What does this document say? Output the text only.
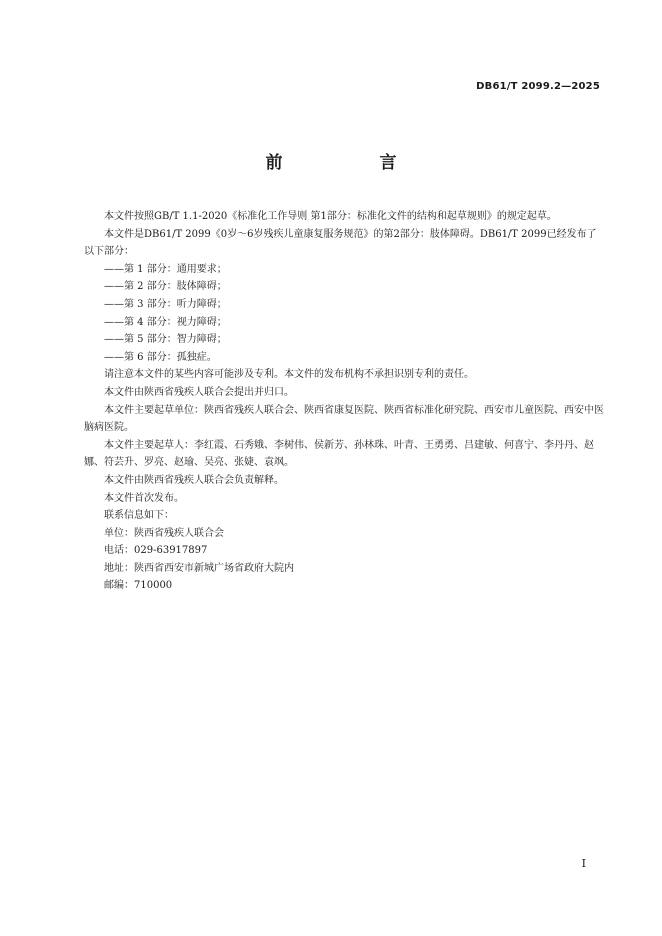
DB61/T 2099.2—2025
前　言

本文件按照GB/T 1.1-2020《标准化工作导则 第1部分：标准化文件的结构和起草规则》的规定起草。

本文件是DB61/T 2099《0岁～6岁残疾儿童康复服务规范》的第2部分：肢体障碍。DB61/T 2099已经发布了以下部分：

——第 1 部分：通用要求；

——第 2 部分：肢体障碍；

——第 3 部分：听力障碍；

——第 4 部分：视力障碍；

——第 5 部分：智力障碍；

——第 6 部分：孤独症。

请注意本文件的某些内容可能涉及专利。本文件的发布机构不承担识别专利的责任。

本文件由陕西省残疾人联合会提出并归口。

本文件主要起草单位：陕西省残疾人联合会、陕西省康复医院、陕西省标准化研究院、西安市儿童医院、西安中医脑病医院。

本文件主要起草人：李红霞、石秀娥、李树伟、侯新芳、孙林珠、叶青、王勇勇、吕建敏、何喜宁、李丹丹、赵娜、符芸升、罗亮、赵瑜、吴亮、张婕、袁飒。

本文件由陕西省残疾人联合会负责解释。

本文件首次发布。

联系信息如下：

单位：陕西省残疾人联合会

电话：029-63917897

地址：陕西省西安市新城广场省政府大院内

邮编：710000

I
